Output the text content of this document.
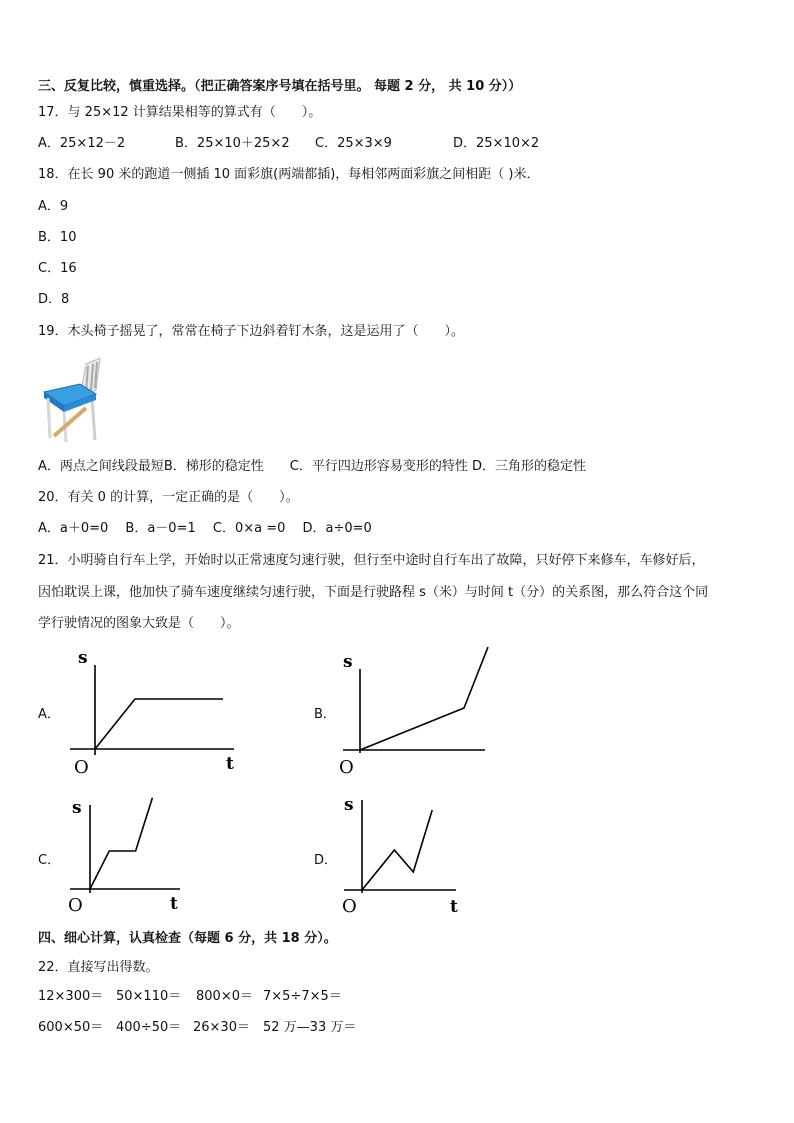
三、反复比较，慎重选择。（把正确答案序号填在括号里。 每题 2 分， 共 10 分））
17．与 25×12 计算结果相等的算式有（　　）。
A．25×12－2	B．25×10＋25×2 C．25×3×9	D．25×10×2
18．在长 90 米的跑道一侧插 10 面彩旗(两端都插)，每相邻两面彩旗之间相距（ )米．
A．9
B．10
C．16
D．8
19．木头椅子摇晃了，常常在椅子下边斜着钉木条，这是运用了（　　）。
A．两点之间线段最短B．梯形的稳定性　　C．平行四边形容易变形的特性 D．三角形的稳定性
20．有关 0 的计算，一定正确的是（　　）。
A．a＋0=0　 B．a－0=1　 C．0×a =0　 D．a÷0=0
21．小明骑自行车上学，开始时以正常速度匀速行驶，但行至中途时自行车出了故障，只好停下来修车，车修好后，
因怕耽误上课，他加快了骑车速度继续匀速行驶，下面是行驶路程 s（米）与时间 t（分）的关系图，那么符合这个同
学行驶情况的图象大致是（　　）。
A．	B．
C．	D．
s
O	t
s
O
s
O	t
s
O	t
四、细心计算，认真检查（每题 6 分，共 18 分）。
22．直接写出得数。
12×300＝ 50×110＝ 800×0＝ 7×5÷7×5＝
600×50＝ 400÷50＝ 26×30＝ 52 万—33 万＝
